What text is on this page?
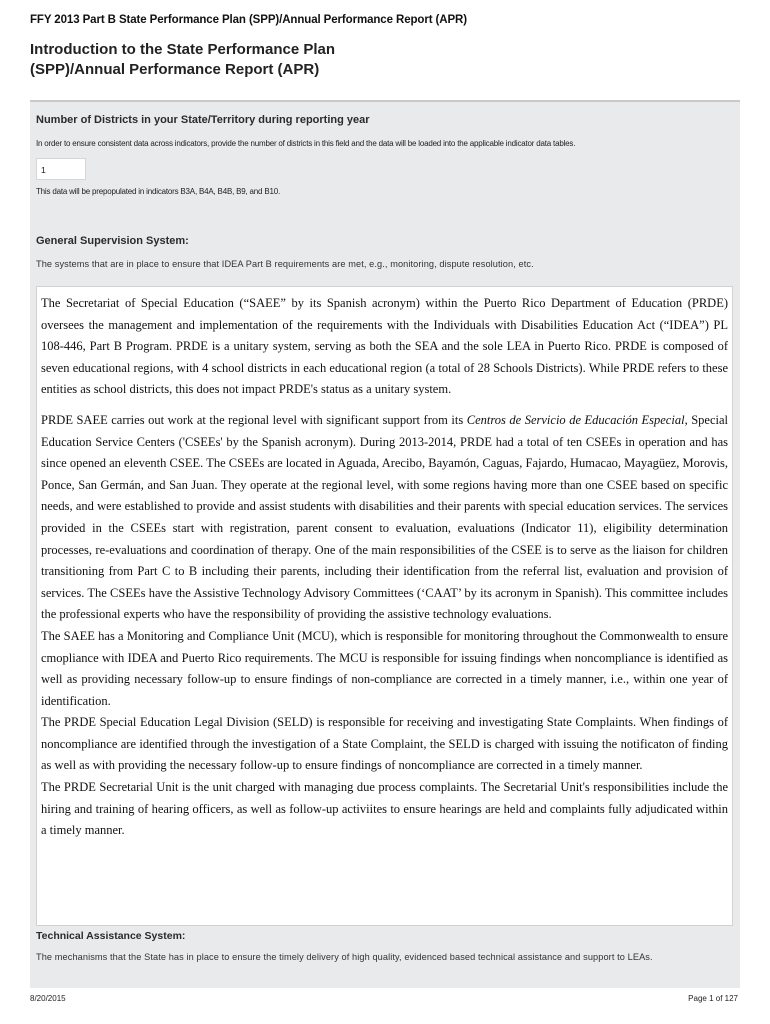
FFY 2013 Part B State Performance Plan (SPP)/Annual Performance Report (APR)
Introduction to the State Performance Plan
(SPP)/Annual Performance Report (APR)
Number of Districts in your State/Territory during reporting year
In order to ensure consistent data across indicators, provide the number of districts in this field and the data will be loaded into the applicable indicator data tables.
1
This data will be prepopulated in indicators B3A, B4A, B4B, B9, and B10.
General Supervision System:
The systems that are in place to ensure that IDEA Part B requirements are met, e.g., monitoring, dispute resolution, etc.

The Secretariat of Special Education (“SAEE” by its Spanish acronym) within the Puerto Rico Department of Education (PRDE) oversees the management and implementation of the requirements with the Individuals with Disabilities Education Act (“IDEA”) PL 108-446, Part B Program. PRDE is a unitary system, serving as both the SEA and the sole LEA in Puerto Rico. PRDE is composed of seven educational regions, with 4 school districts in each educational region (a total of 28 Schools Districts). While PRDE refers to these entities as school districts, this does not impact PRDE's status as a unitary system.

PRDE SAEE carries out work at the regional level with significant support from its Centros de Servicio de Educación Especial, Special Education Service Centers ('CSEEs' by the Spanish acronym). During 2013-2014, PRDE had a total of ten CSEEs in operation and has since opened an eleventh CSEE. The CSEEs are located in Aguada, Arecibo, Bayamón, Caguas, Fajardo, Humacao, Mayagüez, Morovis, Ponce, San Germán, and San Juan. They operate at the regional level, with some regions having more than one CSEE based on specific needs, and were established to provide and assist students with disabilities and their parents with special education services. The services provided in the CSEEs start with registration, parent consent to evaluation, evaluations (Indicator 11), eligibility determination processes, re-evaluations and coordination of therapy. One of the main responsibilities of the CSEE is to serve as the liaison for children transitioning from Part C to B including their parents, including their identification from the referral list, evaluation and provision of services. The CSEEs have the Assistive Technology Advisory Committees (‘CAAT’ by its acronym in Spanish). This committee includes the professional experts who have the responsibility of providing the assistive technology evaluations.

The SAEE has a Monitoring and Compliance Unit (MCU), which is responsible for monitoring throughout the Commonwealth to ensure cmopliance with IDEA and Puerto Rico requirements. The MCU is responsible for issuing findings when noncompliance is identified as well as providing necessary follow-up to ensure findings of non-compliance are corrected in a timely manner, i.e., within one year of identification.

The PRDE Special Education Legal Division (SELD) is responsible for receiving and investigating State Complaints. When findings of noncompliance are identified through the investigation of a State Complaint, the SELD is charged with issuing the notificaton of finding as well as with providing the necessary follow-up to ensure findings of noncompliance are corrected in a timely manner.

The PRDE Secretarial Unit is the unit charged with managing due process complaints. The Secretarial Unit's responsibilities include the hiring and training of hearing officers, as well as follow-up activiites to ensure hearings are held and complaints fully adjudicated within a timely manner.

Technical Assistance System:
The mechanisms that the State has in place to ensure the timely delivery of high quality, evidenced based technical assistance and support to LEAs.
8/20/2015	Page 1 of 127
